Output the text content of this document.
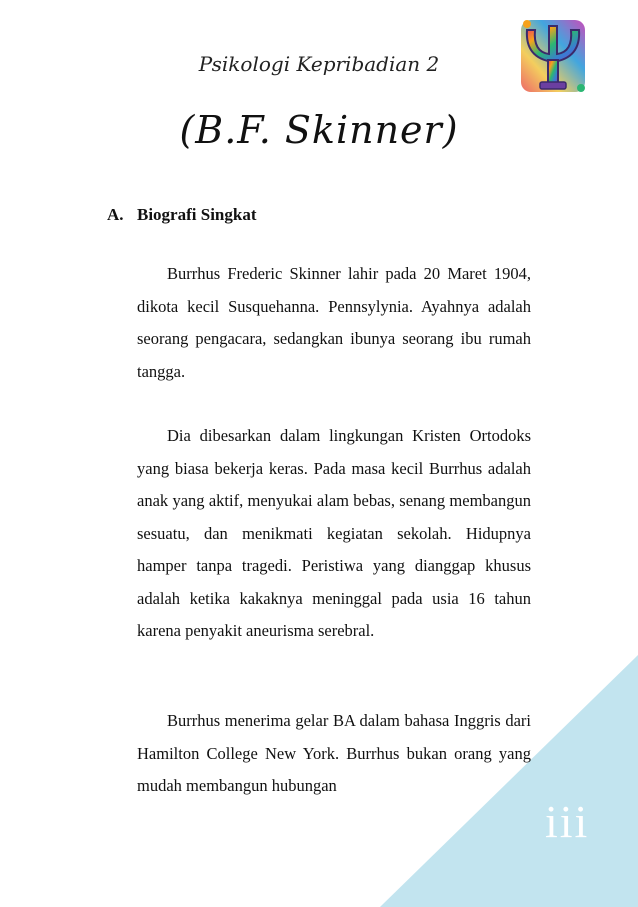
Psikologi Kepribadian 2
(B.F. Skinner)
A. Biografi Singkat

Burrhus Frederic Skinner lahir pada 20 Maret 1904, dikota kecil Susquehanna. Pennsylynia. Ayahnya adalah seorang pengacara, sedangkan ibunya seorang ibu rumah tangga.

Dia dibesarkan dalam lingkungan Kristen Ortodoks yang biasa bekerja keras. Pada masa kecil Burrhus adalah anak yang aktif, menyukai alam bebas, senang membangun sesuatu, dan menikmati kegiatan sekolah. Hidupnya hamper tanpa tragedi. Peristiwa yang dianggap khusus adalah ketika kakaknya meninggal pada usia 16 tahun karena penyakit aneurisma serebral.

Burrhus menerima gelar BA dalam bahasa Inggris dari Hamilton College New York. Burrhus bukan orang yang mudah membangun hubungan

iii
